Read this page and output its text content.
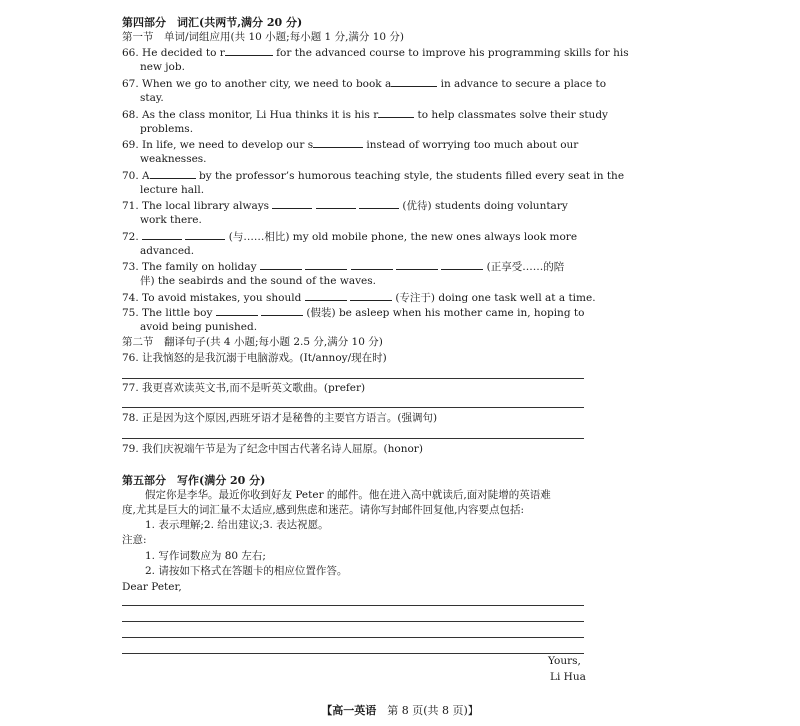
第四部分　词汇(共两节,满分 20 分)
第一节　单词/词组应用(共 10 小题;每小题 1 分,满分 10 分)
66. He decided to r	for the advanced course to improve his programming skills for his
new job.
67. When we go to another city, we need to book a	in advance to secure a place to
stay.
68. As the class monitor, Li Hua thinks it is his r	to help classmates solve their study
problems.
69. In life, we need to develop our s	instead of worrying too much about our
weaknesses.
70. A	by the professor’s humorous teaching style, the students filled every seat in the
lecture hall.
71. The local library always	(优待) students doing voluntary
work there.
72.	(与……相比) my old mobile phone, the new ones always look more
advanced.
73. The family on holiday	(正享受……的陪
伴) the seabirds and the sound of the waves.
74. To avoid mistakes, you should	(专注于) doing one task well at a time.
75. The little boy	(假装) be asleep when his mother came in, hoping to
avoid being punished.
第二节　翻译句子(共 4 小题;每小题 2.5 分,满分 10 分)
76. 让我恼怒的是我沉溺于电脑游戏。(It/annoy/现在时)
77. 我更喜欢读英文书,而不是听英文歌曲。(prefer)
78. 正是因为这个原因,西班牙语才是秘鲁的主要官方语言。(强调句)
79. 我们庆祝端午节是为了纪念中国古代著名诗人屈原。(honor)
第五部分　写作(满分 20 分)
假定你是李华。最近你收到好友 Peter 的邮件。他在进入高中就读后,面对陡增的英语难
度,尤其是巨大的词汇量不太适应,感到焦虑和迷茫。请你写封邮件回复他,内容要点包括:
1. 表示理解;2. 给出建议;3. 表达祝愿。
注意:
1. 写作词数应为 80 左右;
2. 请按如下格式在答题卡的相应位置作答。
Dear Peter,
Yours,
Li Hua
【高一英语　第 8 页(共 8 页)】
